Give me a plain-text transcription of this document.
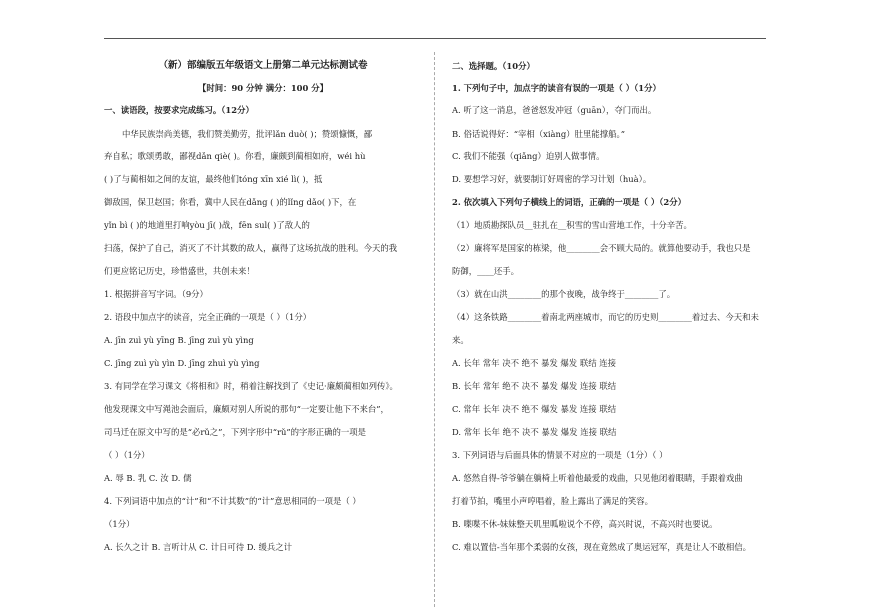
（新）部编版五年级语文上册第二单元达标测试卷
【时间：90 分钟 满分：100 分】
一、读语段，按要求完成练习。（12分）
中华民族崇尚美德，我们赞美勤劳，批评lǎn duò( )；赞颂慷慨，鄙
弃自私；歌颂勇敢，鄙视dǎn qiè( )。你看，廉颇到蔺相如府，wéi hù
( )了与蔺相如之间的友谊，最终他们tóng xīn xié lì( )，抵
御敌国，保卫赵国；你看，冀中人民在dǎng ( )的lǐng dǎo( )下，在
yǐn bì ( )的地道里打响yòu jī( )战，fēn sul( )了敌人的
扫荡，保护了自己，消灭了不计其数的敌人，赢得了这场抗战的胜利。今天的我
们更应铭记历史，珍惜盛世，共创未来！
1. 根据拼音写字词。（9分）
2. 语段中加点字的读音，完全正确的一项是（ ）（1分）
A. jīn zuì yù yīng B. jīng zuì yù yìng
C. jīng zuì yù yìn D. jīng zhuì yù yìng
3. 有同学在学习课文《将相和》时，稍着注解找到了《史记·廉颇蔺相如列传》。
他发现课文中写渑池会面后，廉颇对别人所说的那句“一定要让他下不来台”，
司马迁在原文中写的是“必rǔ之”，下列字形中“rǔ”的字形正确的一项是
（ ）（1分）
A. 辱 B. 乳 C. 汝 D. 儒
4. 下列词语中加点的“计”和“不计其数”的“计”意思相同的一项是（ ）
（1分）
A. 长久之计 B. 言听计从 C. 计日可待 D. 缓兵之计
二、选择题。（10分）
1. 下列句子中，加点字的读音有误的一项是（ ）（1分）
A. 听了这一消息，爸爸怒发冲冠（guān），夺门而出。
B. 俗话说得好：“宰相（xiàng）肚里能撑船。”
C. 我们不能强（qiǎng）迫别人做事情。
D. 要想学习好，就要制订好周密的学习计划（huà）。
2. 依次填入下列句子横线上的词语，正确的一项是（ ）（2分）
（1）地质勘探队员__驻扎在__积雪的雪山营地工作，十分辛苦。
（2）廉将军是国家的栋梁，他________会不顾大局的。就算他要动手，我也只是
防御，____还手。
（3）就在山洪________的那个夜晚，战争终于________了。
（4）这条铁路________着南北两座城市，而它的历史则________着过去、今天和未
来。
A. 长年 常年 决不 绝不 暴发 爆发 联结 连接
B. 长年 常年 绝不 决不 暴发 爆发 连接 联结
C. 常年 长年 决不 绝不 爆发 暴发 连接 联结
D. 常年 长年 绝不 决不 暴发 爆发 连接 联结
3. 下列词语与后面具体的情景不对应的一项是（1分）（ ）
A. 悠然自得-爷爷躺在躺椅上听着他最爱的戏曲，只见他闭着眼睛，手跟着戏曲
打着节拍，嘴里小声哼唱着，脸上露出了满足的笑容。
B. 喋喋不休-妹妹整天叽里呱啦说个不停，高兴时说，不高兴时也要说。
C. 难以置信-当年那个柔弱的女孩，现在竟然成了奥运冠军，真是让人不敢相信。
